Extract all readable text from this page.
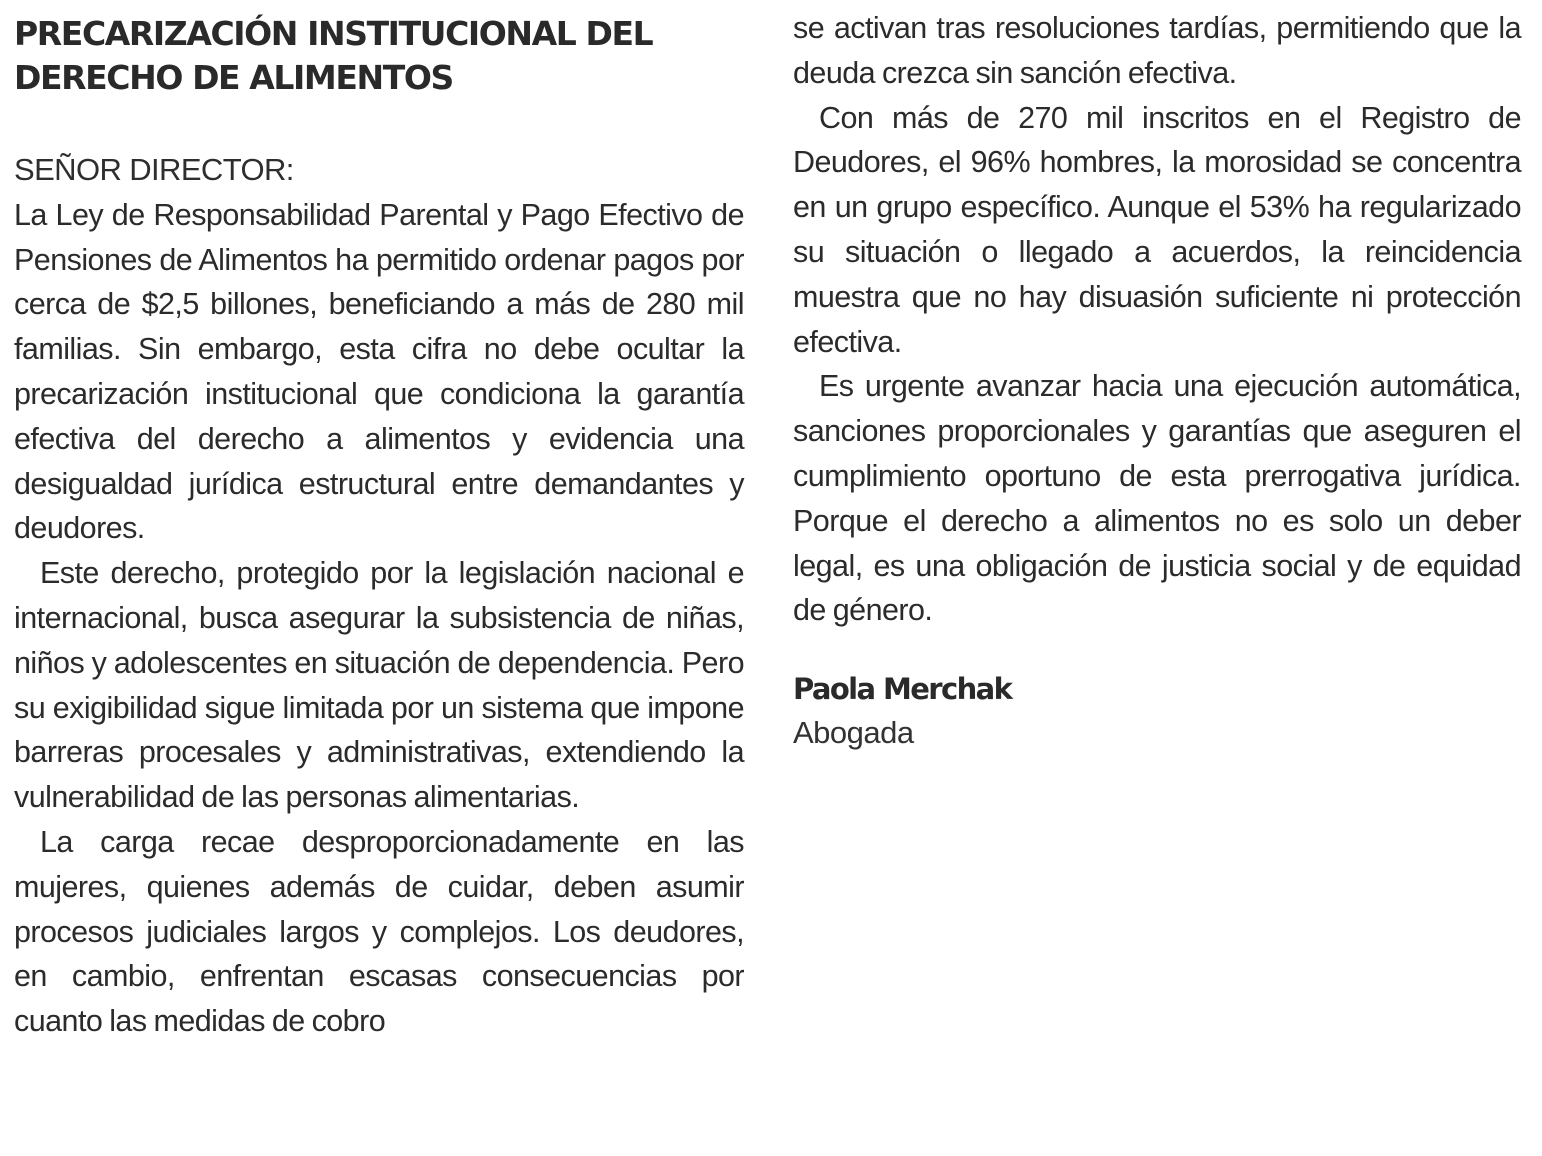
PRECARIZACIÓN INSTITUCIONAL DEL DERECHO DE ALIMENTOS

SEÑOR DIRECTOR:

La Ley de Responsabilidad Parental y Pago Efectivo de Pensiones de Alimentos ha permitido ordenar pagos por cerca de $2,5 billones, beneficiando a más de 280 mil familias. Sin embargo, esta cifra no debe ocultar la precarización institucional que condiciona la garantía efectiva del derecho a alimentos y evidencia una desigualdad jurídica estructural entre demandantes y deudores.

Este derecho, protegido por la legislación nacional e internacional, busca asegurar la subsistencia de niñas, niños y adolescentes en situación de dependencia. Pero su exigibilidad sigue limitada por un sistema que impone barreras procesales y administrativas, extendiendo la vulnerabilidad de las personas alimentarias.

La carga recae desproporcionadamente en las mujeres, quienes además de cuidar, deben asumir procesos judiciales largos y complejos. Los deudores, en cambio, enfrentan escasas consecuencias por cuanto las medidas de cobro

se activan tras resoluciones tardías, permitiendo que la deuda crezca sin sanción efectiva.

Con más de 270 mil inscritos en el Registro de Deudores, el 96% hombres, la morosidad se concentra en un grupo específico. Aunque el 53% ha regularizado su situación o llegado a acuerdos, la reincidencia muestra que no hay disuasión suficiente ni protección efectiva.

Es urgente avanzar hacia una ejecución automática, sanciones proporcionales y garantías que aseguren el cumplimiento oportuno de esta prerrogativa jurídica. Porque el derecho a alimentos no es solo un deber legal, es una obligación de justicia social y de equidad de género.

Paola Merchak
Abogada
